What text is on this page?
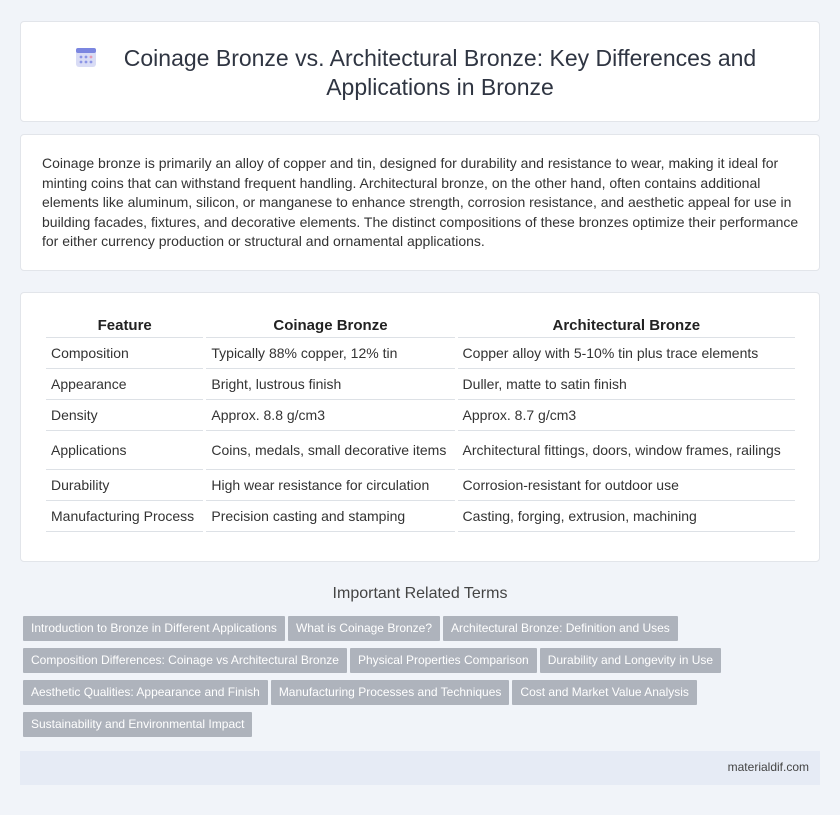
Coinage Bronze vs. Architectural Bronze: Key Differences and Applications in Bronze
Coinage bronze is primarily an alloy of copper and tin, designed for durability and resistance to wear, making it ideal for minting coins that can withstand frequent handling. Architectural bronze, on the other hand, often contains additional elements like aluminum, silicon, or manganese to enhance strength, corrosion resistance, and aesthetic appeal for use in building facades, fixtures, and decorative elements. The distinct compositions of these bronzes optimize their performance for either currency production or structural and ornamental applications.
Feature	Coinage Bronze	Architectural Bronze
Composition	Typically 88% copper, 12% tin	Copper alloy with 5-10% tin plus trace elements
Appearance	Bright, lustrous finish	Duller, matte to satin finish
Density	Approx. 8.8 g/cm3	Approx. 8.7 g/cm3
Applications	Coins, medals, small decorative items	Architectural fittings, doors, window frames, railings
Durability	High wear resistance for circulation	Corrosion-resistant for outdoor use
Manufacturing Process	Precision casting and stamping	Casting, forging, extrusion, machining
Important Related Terms
Introduction to Bronze in Different Applications What is Coinage Bronze? Architectural Bronze: Definition and Uses
Composition Differences: Coinage vs Architectural Bronze Physical Properties Comparison Durability and Longevity in Use
Aesthetic Qualities: Appearance and Finish Manufacturing Processes and Techniques Cost and Market Value Analysis
Sustainability and Environmental Impact
materialdif.com
